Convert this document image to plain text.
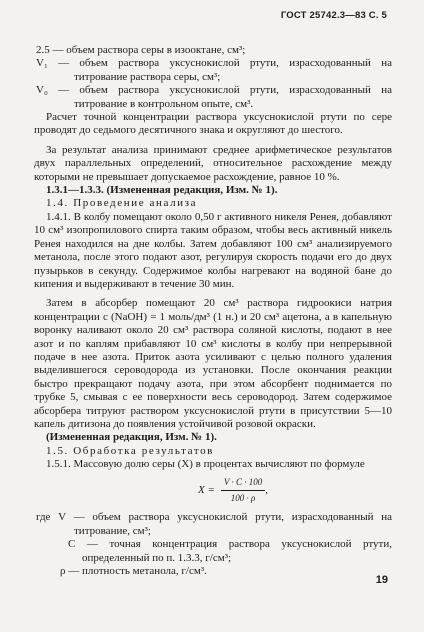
ГОСТ 25742.3—83 С. 5

2.5 — объем раствора серы в изооктане, см³;

V₁ — объем раствора уксуснокислой ртути, израсходованный на титрование раствора серы, см³;

V₀ — объем раствора уксуснокислой ртути, израсходованный на титрование в контрольном опыте, см³.

Расчет точной концентрации раствора уксуснокислой ртути по сере проводят до седьмого десятичного знака и округляют до шестого.

За результат анализа принимают среднее арифметическое результатов двух параллельных определений, относительное расхождение между которыми не превышает допускаемое расхождение, равное 10 %.

1.3.1—1.3.3. (Измененная редакция, Изм. № 1).

1.4. Проведение анализа

1.4.1. В колбу помещают около 0,50 г активного никеля Ренея, добавляют 10 см³ изопропилового спирта таким образом, чтобы весь активный никель Ренея находился на дне колбы. Затем добавляют 100 см³ анализируемого метанола, после этого подают азот, регулируя скорость подачи его до двух пузырьков в секунду. Содержимое колбы нагревают на водяной бане до кипения и выдерживают в течение 30 мин.

Затем в абсорбер помещают 20 см³ раствора гидроокиси натрия концентрации с (NaOH) = 1 моль/дм³ (1 н.) и 20 см³ ацетона, а в капельную воронку наливают около 20 см³ раствора соляной кислоты, подают в нее азот и по каплям прибавляют 10 см³ кислоты в колбу при непрерывной подаче в нее азота. Приток азота усиливают с целью полного удаления выделившегося сероводорода из установки. После окончания реакции быстро прекращают подачу азота, при этом абсорбент поднимается по трубке 5, смывая с ее поверхности весь сероводород. Затем содержимое абсорбера титруют раствором уксуснокислой ртути в присутствии 5—10 капель дитизона до появления устойчивой розовой окраски.

(Измененная редакция, Изм. № 1).

1.5. Обработка результатов

1.5.1. Массовую долю серы (X) в процентах вычисляют по формуле

$X = \frac{V \cdot C \cdot 100}{100 \cdot \rho}$ ,

где V — объем раствора уксуснокислой ртути, израсходованный на титрование, см³;

C — точная концентрация раствора уксуснокислой ртути, определенный по п. 1.3.3, г/см³;

ρ — плотность метанола, г/см³.

19
